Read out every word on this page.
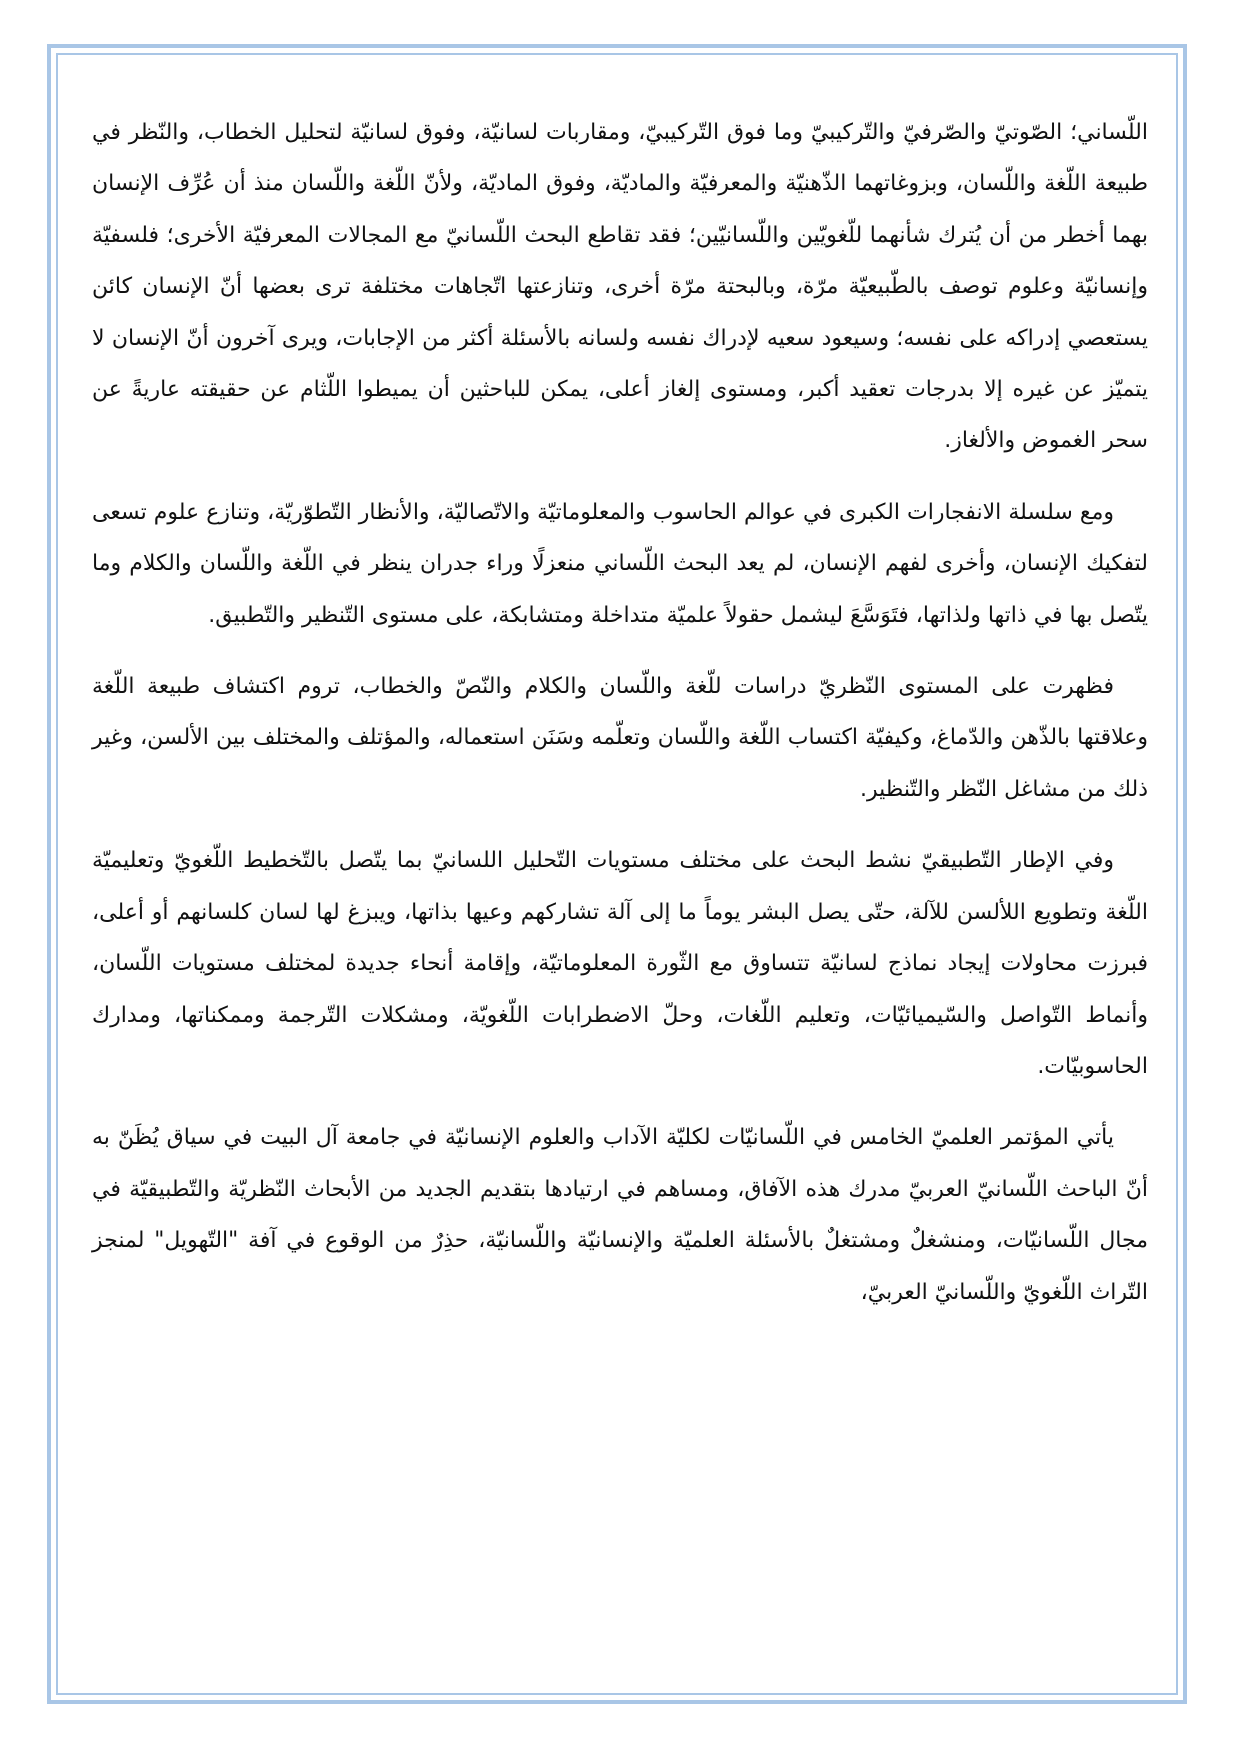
اللّساني؛ الصّوتيّ والصّرفيّ والتّركيبيّ وما فوق التّركيبيّ، ومقاربات لسانيّة، وفوق لسانيّة لتحليل الخطاب، والنّظر في طبيعة اللّغة واللّسان، وبزوغاتهما الذّهنيّة والمعرفيّة والماديّة، وفوق الماديّة، ولأنّ اللّغة واللّسان منذ أن عُرِّف الإنسان بهما أخطر من أن يُترك شأنهما للّغويّين واللّسانيّين؛ فقد تقاطع البحث اللّسانيّ مع المجالات المعرفيّة الأخرى؛ فلسفيّة وإنسانيّة وعلوم توصف بالطّبيعيّة مرّة، وبالبحتة مرّة أخرى، وتنازعتها اتّجاهات مختلفة ترى بعضها أنّ الإنسان كائن يستعصي إدراكه على نفسه؛ وسيعود سعيه لإدراك نفسه ولسانه بالأسئلة أكثر من الإجابات، ويرى آخرون أنّ الإنسان لا يتميّز عن غيره إلا بدرجات تعقيد أكبر، ومستوى إلغاز أعلى، يمكن للباحثين أن يميطوا اللّثام عن حقيقته عاريةً عن سحر الغموض والألغاز.

ومع سلسلة الانفجارات الكبرى في عوالم الحاسوب والمعلوماتيّة والاتّصاليّة، والأنظار التّطوّريّة، وتنازع علوم تسعى لتفكيك الإنسان، وأخرى لفهم الإنسان، لم يعد البحث اللّساني منعزلًا وراء جدران ينظر في اللّغة واللّسان والكلام وما يتّصل بها في ذاتها ولذاتها، فتَوَسَّعَ ليشمل حقولاً علميّة متداخلة ومتشابكة، على مستوى التّنظير والتّطبيق.

فظهرت على المستوى النّظريّ دراسات للّغة واللّسان والكلام والنّصّ والخطاب، تروم اكتشاف طبيعة اللّغة وعلاقتها بالذّهن والدّماغ، وكيفيّة اكتساب اللّغة واللّسان وتعلّمه وسَنَن استعماله، والمؤتلف والمختلف بين الألسن، وغير ذلك من مشاغل النّظر والتّنظير.

وفي الإطار التّطبيقيّ نشط البحث على مختلف مستويات التّحليل اللسانيّ بما يتّصل بالتّخطيط اللّغويّ وتعليميّة اللّغة وتطويع اللألسن للآلة، حتّى يصل البشر يوماً ما إلى آلة تشاركهم وعيها بذاتها، ويبزغ لها لسان كلسانهم أو أعلى، فبرزت محاولات إيجاد نماذج لسانيّة تتساوق مع الثّورة المعلوماتيّة، وإقامة أنحاء جديدة لمختلف مستويات اللّسان، وأنماط التّواصل والسّيميائيّات، وتعليم اللّغات، وحلّ الاضطرابات اللّغويّة، ومشكلات التّرجمة وممكناتها، ومدارك الحاسوبيّات.

يأتي المؤتمر العلميّ الخامس في اللّسانيّات لكليّة الآداب والعلوم الإنسانيّة في جامعة آل البيت في سياق يُظَنّ به أنّ الباحث اللّسانيّ العربيّ مدرك هذه الآفاق، ومساهم في ارتيادها بتقديم الجديد من الأبحاث النّظريّة والتّطبيقيّة في مجال اللّسانيّات، ومنشغلٌ ومشتغلٌ بالأسئلة العلميّة والإنسانيّة واللّسانيّة، حذِرٌ من الوقوع في آفة "التّهويل" لمنجز التّراث اللّغويّ واللّسانيّ العربيّ،
